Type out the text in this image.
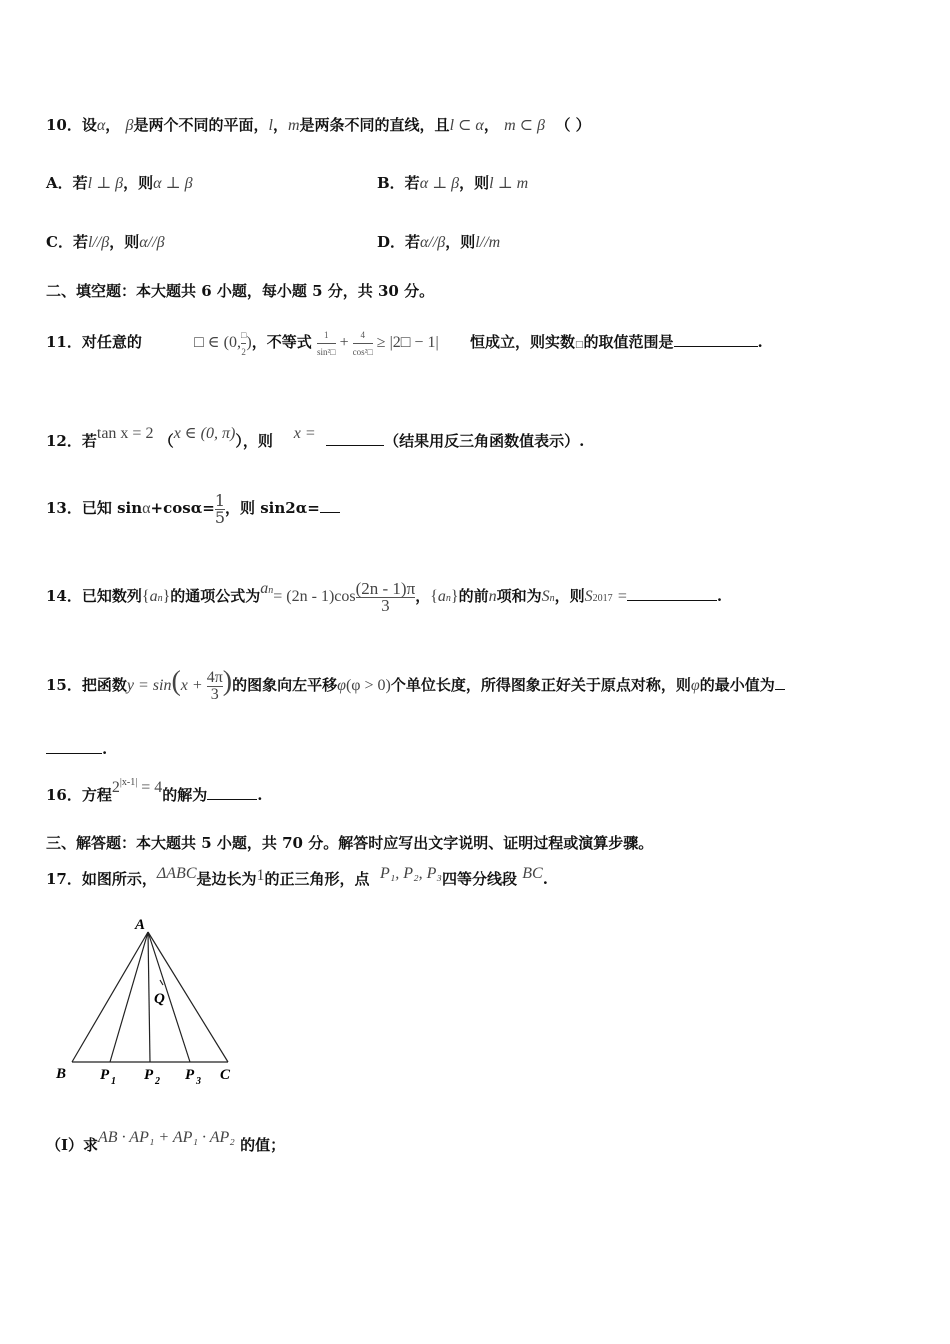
10．设α， β是两个不同的平面，l，m是两条不同的直线，且l ⊂ α， m ⊂ β （ ）
A．若l ⊥ β，则α ⊥ β	B．若α ⊥ β，则l ⊥ m
C．若l//β，则α//β	D．若α//β，则l//m
二、填空题：本大题共 6 小题，每小题 5 分，共 30 分。
11．对任意的	□ ∈ (0, $\frac{□}{2}$ )，不等式 $\frac{1}{\text{sin²□}} + \frac{4}{\text{cos²□}}$ ≥ |2□ − 1| 恒成立，则实数□的取值范围是	.
12．若tan x = 2 （x ∈ (0, π)），则 x =	（结果用反三角函数值表示）.
13．已知 $\sin\alpha+\cos\alpha= \frac{1}{5}$ ，则 sin2α=
14．已知数列{an}的通项公式为$an= (2n - 1)\cos \frac{(2n - 1)\pi}{3}$ ，{an}的前n项和为Sn，则S2017 =	.
15．把函数$y = \sin(x + \frac{4\pi}{3}$ )的图象向左平移φ(φ > 0)个单位长度，所得图象正好关于原点对称，则φ的最小值为
.
16．方程$2^{|x-1|} = 4$的解为	.
三、解答题：本大题共 5 小题，共 70 分。解答时应写出文字说明、证明过程或演算步骤。
17．如图所示，ΔABC是边长为1的正三角形，点 P₁, P₂, P₃四等分线段 BC.
A
B	C
Q
P 1 P 2 P 3
（Ⅰ）求AB · AP₁ + AP₁ · AP₂ 的值；
